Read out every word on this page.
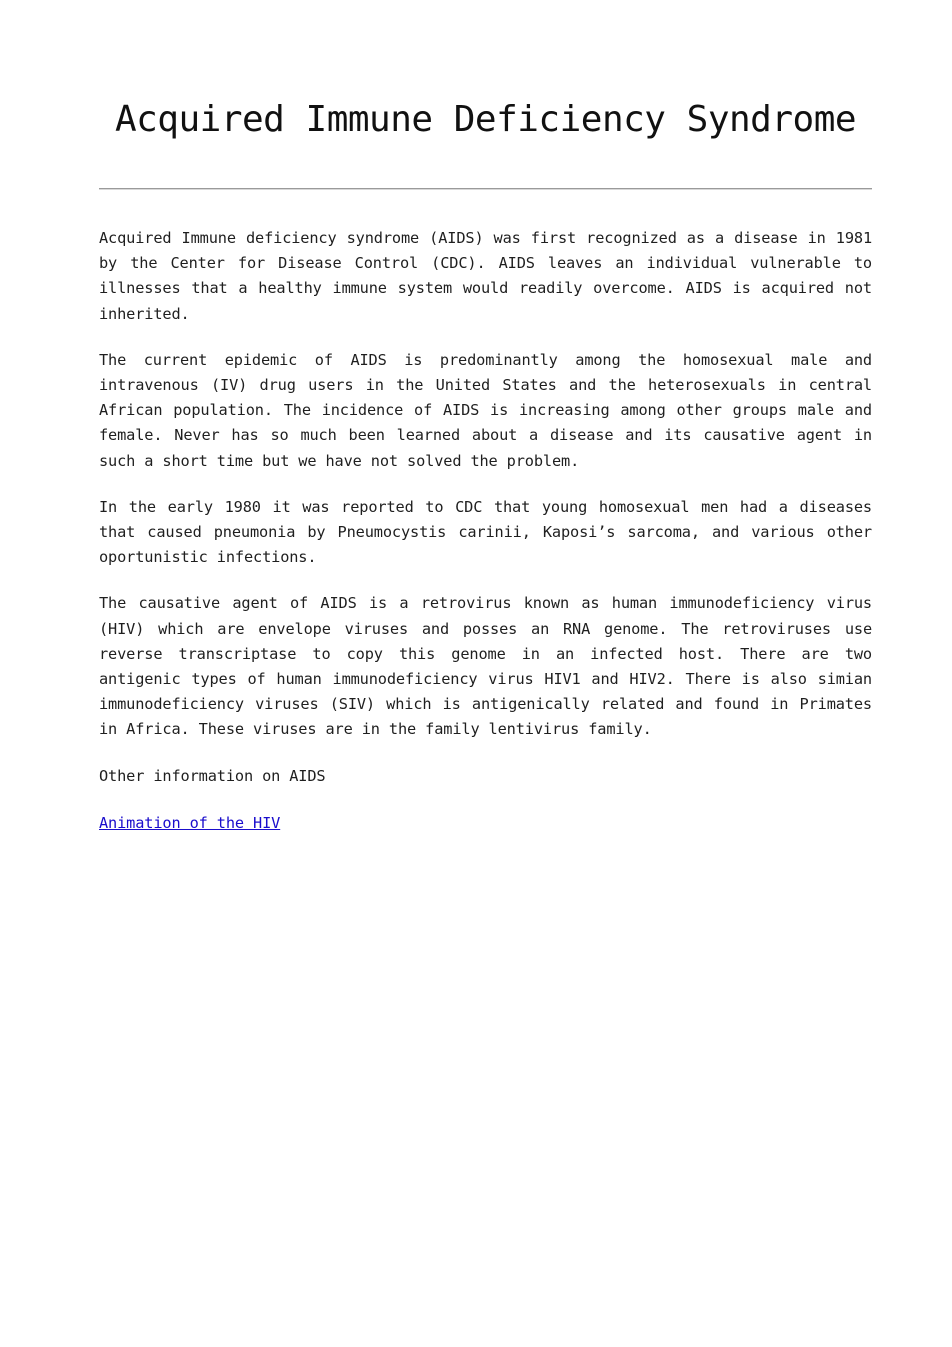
Acquired Immune Deficiency Syndrome

Acquired Immune deficiency syndrome (AIDS) was first recognized as a disease in 1981 by the Center for Disease Control (CDC). AIDS leaves an individual vulnerable to illnesses that a healthy immune system would readily overcome. AIDS is acquired not inherited.

The current epidemic of AIDS is predominantly among the homosexual male and intravenous (IV) drug users in the United States and the heterosexuals in central African population. The incidence of AIDS is increasing among other groups male and female. Never has so much been learned about a disease and its causative agent in such a short time but we have not solved the problem.

In the early 1980 it was reported to CDC that young homosexual men had a diseases that caused pneumonia by Pneumocystis carinii, Kaposi’s sarcoma, and various other oportunistic infections.

The causative agent of AIDS is a retrovirus known as human immunodeficiency virus (HIV) which are envelope viruses and posses an RNA genome. The retroviruses use reverse transcriptase to copy this genome in an infected host. There are two antigenic types of human immunodeficiency virus HIV1 and HIV2. There is also simian immunodeficiency viruses (SIV) which is antigenically related and found in Primates in Africa. These viruses are in the family lentivirus family.

Other information on AIDS

Animation of the HIV
